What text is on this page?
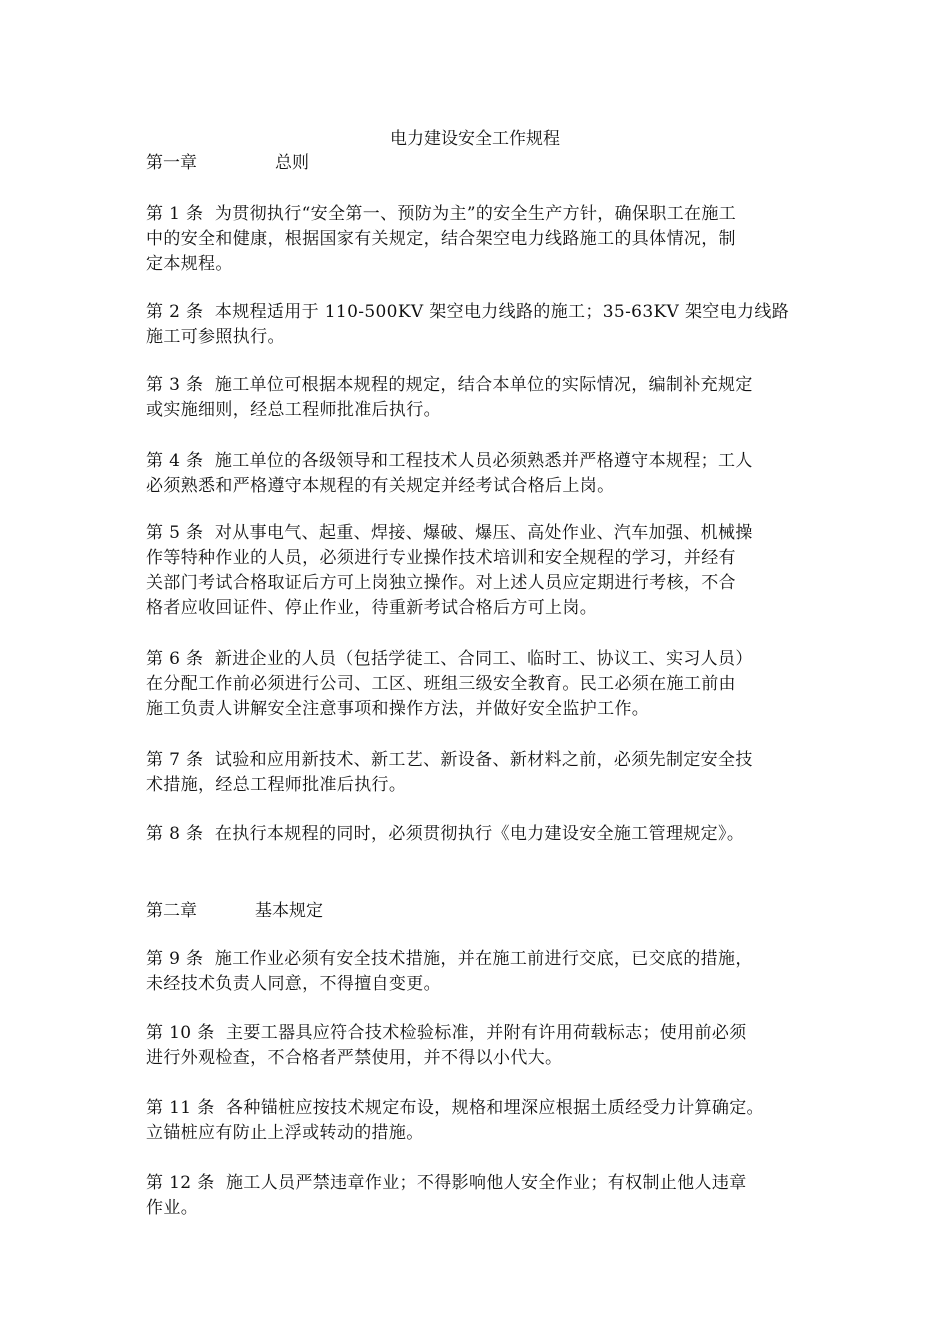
电力建设安全工作规程
第一章	总则
第 1 条  为贯彻执行“安全第一、预防为主”的安全生产方针，确保职工在施工
中的安全和健康，根据国家有关规定，结合架空电力线路施工的具体情况，制
定本规程。
第 2 条  本规程适用于 110-500KV 架空电力线路的施工；35-63KV 架空电力线路
施工可参照执行。
第 3 条  施工单位可根据本规程的规定，结合本单位的实际情况，编制补充规定
或实施细则，经总工程师批准后执行。
第 4 条  施工单位的各级领导和工程技术人员必须熟悉并严格遵守本规程；工人
必须熟悉和严格遵守本规程的有关规定并经考试合格后上岗。
第 5 条  对从事电气、起重、焊接、爆破、爆压、高处作业、汽车加强、机械操
作等特种作业的人员，必须进行专业操作技术培训和安全规程的学习，并经有
关部门考试合格取证后方可上岗独立操作。对上述人员应定期进行考核，不合
格者应收回证件、停止作业，待重新考试合格后方可上岗。
第 6 条  新进企业的人员（包括学徒工、合同工、临时工、协议工、实习人员）
在分配工作前必须进行公司、工区、班组三级安全教育。民工必须在施工前由
施工负责人讲解安全注意事项和操作方法，并做好安全监护工作。
第 7 条  试验和应用新技术、新工艺、新设备、新材料之前，必须先制定安全技
术措施，经总工程师批准后执行。
第 8 条  在执行本规程的同时，必须贯彻执行《电力建设安全施工管理规定》。
第二章	基本规定
第 9 条  施工作业必须有安全技术措施，并在施工前进行交底，已交底的措施，
未经技术负责人同意，不得擅自变更。
第 10 条  主要工器具应符合技术检验标准，并附有许用荷载标志；使用前必须
进行外观检查，不合格者严禁使用，并不得以小代大。
第 11 条  各种锚桩应按技术规定布设，规格和埋深应根据土质经受力计算确定。
立锚桩应有防止上浮或转动的措施。
第 12 条  施工人员严禁违章作业；不得影响他人安全作业；有权制止他人违章
作业。
